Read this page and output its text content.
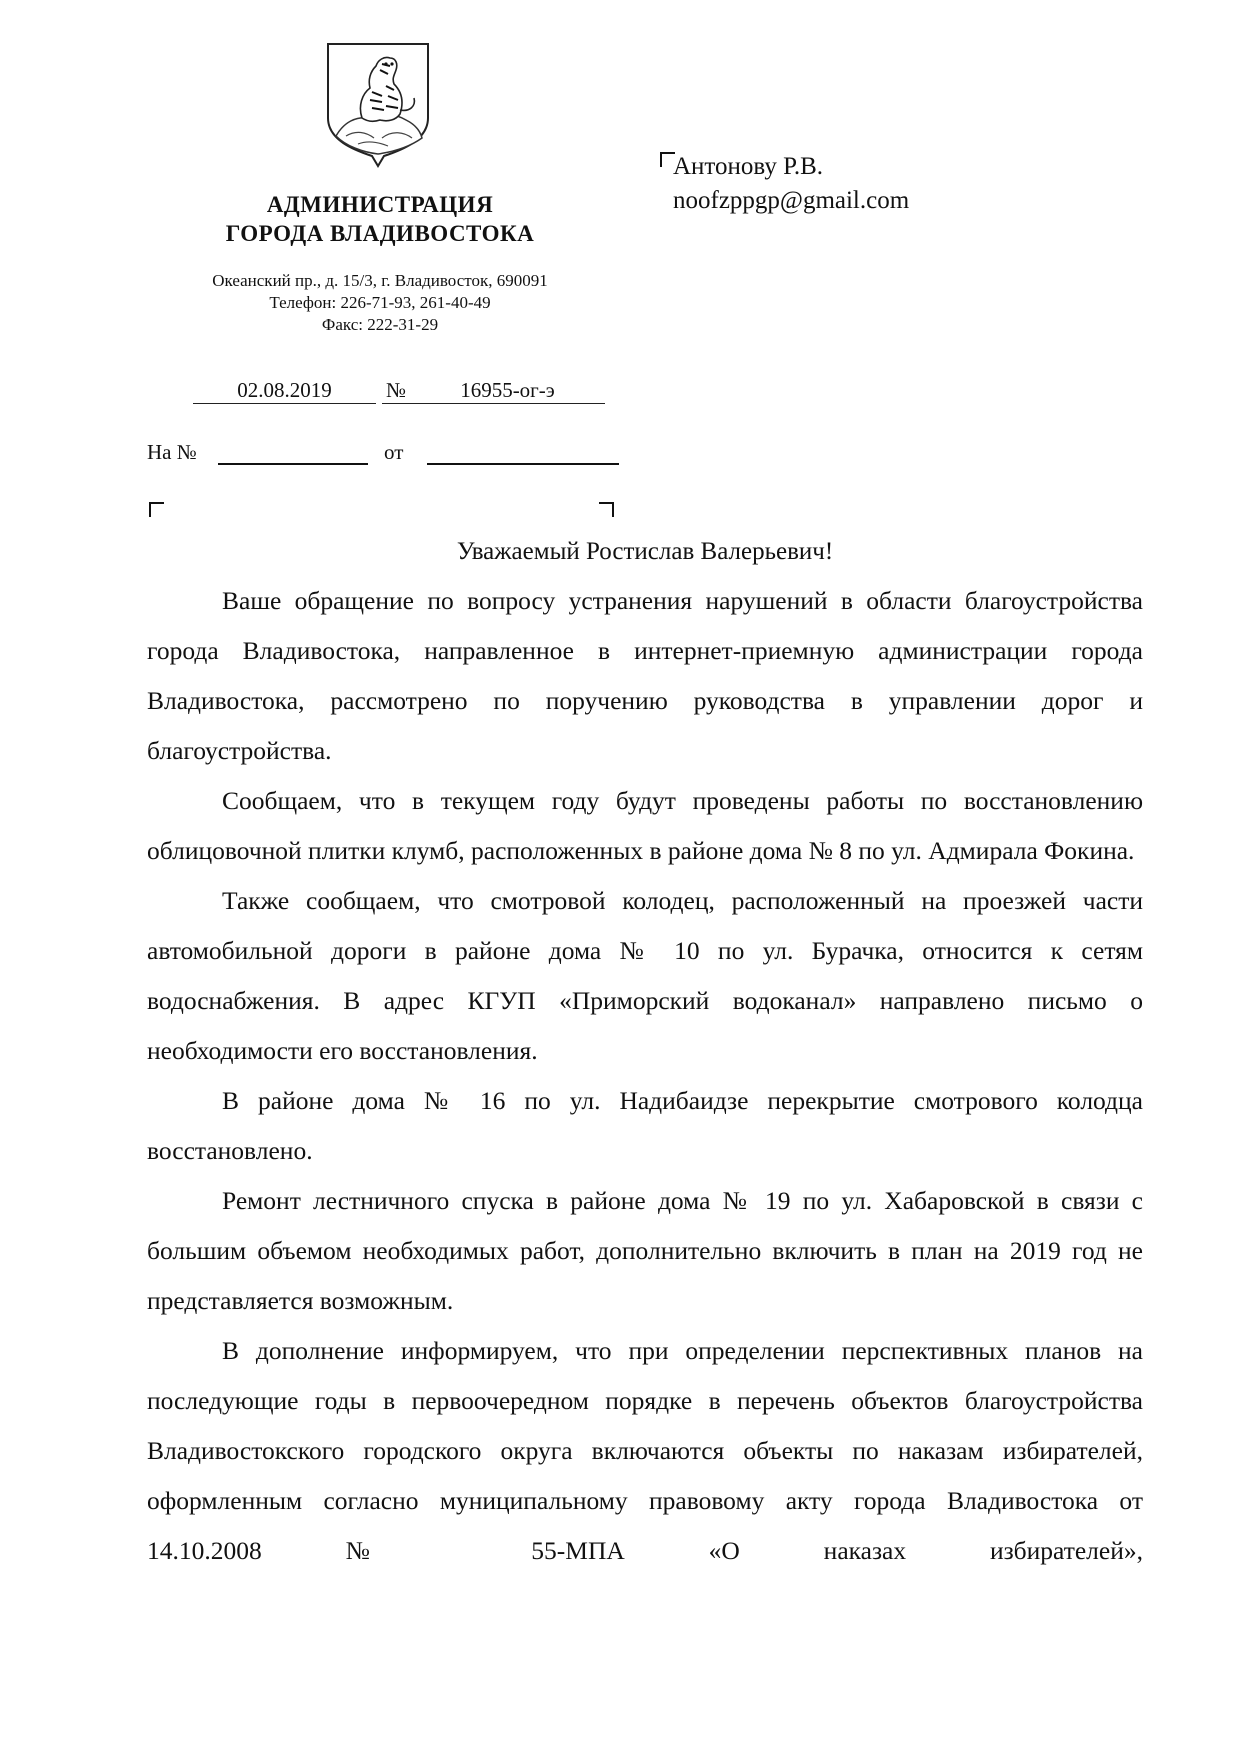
АДМИНИСТРАЦИЯ
ГОРОДА ВЛАДИВОСТОКА
Океанский пр., д. 15/3, г. Владивосток, 690091
Телефон: 226-71-93, 261-40-49
Факс: 222-31-29
Антонову Р.В.
noofzppgp@gmail.com
02.08.2019	№	16955-ог-э
На №	от
Уважаемый Ростислав Валерьевич!

Ваше обращение по вопросу устранения нарушений в области благоустройства города Владивостока, направленное в интернет-приемную администрации города Владивостока, рассмотрено по поручению руководства в управлении дорог и благоустройства.

Сообщаем, что в текущем году будут проведены работы по восстановлению облицовочной плитки клумб, расположенных в районе дома № 8 по ул. Адмирала Фокина.

Также сообщаем, что смотровой колодец, расположенный на проезжей части автомобильной дороги в районе дома № 10 по ул. Бурачка, относится к сетям водоснабжения. В адрес КГУП «Приморский водоканал» направлено письмо о необходимости его восстановления.

В районе дома № 16 по ул. Надибаидзе перекрытие смотрового колодца восстановлено.

Ремонт лестничного спуска в районе дома № 19 по ул. Хабаровской в связи с большим объемом необходимых работ, дополнительно включить в план на 2019 год не представляется возможным.

В дополнение информируем, что при определении перспективных планов на последующие годы в первоочередном порядке в перечень объектов благоустройства Владивостокского городского округа включаются объекты по наказам избирателей, оформленным согласно муниципальному правовому акту города Владивостока от 14.10.2008 № 55-МПА «О наказах избирателей»,
